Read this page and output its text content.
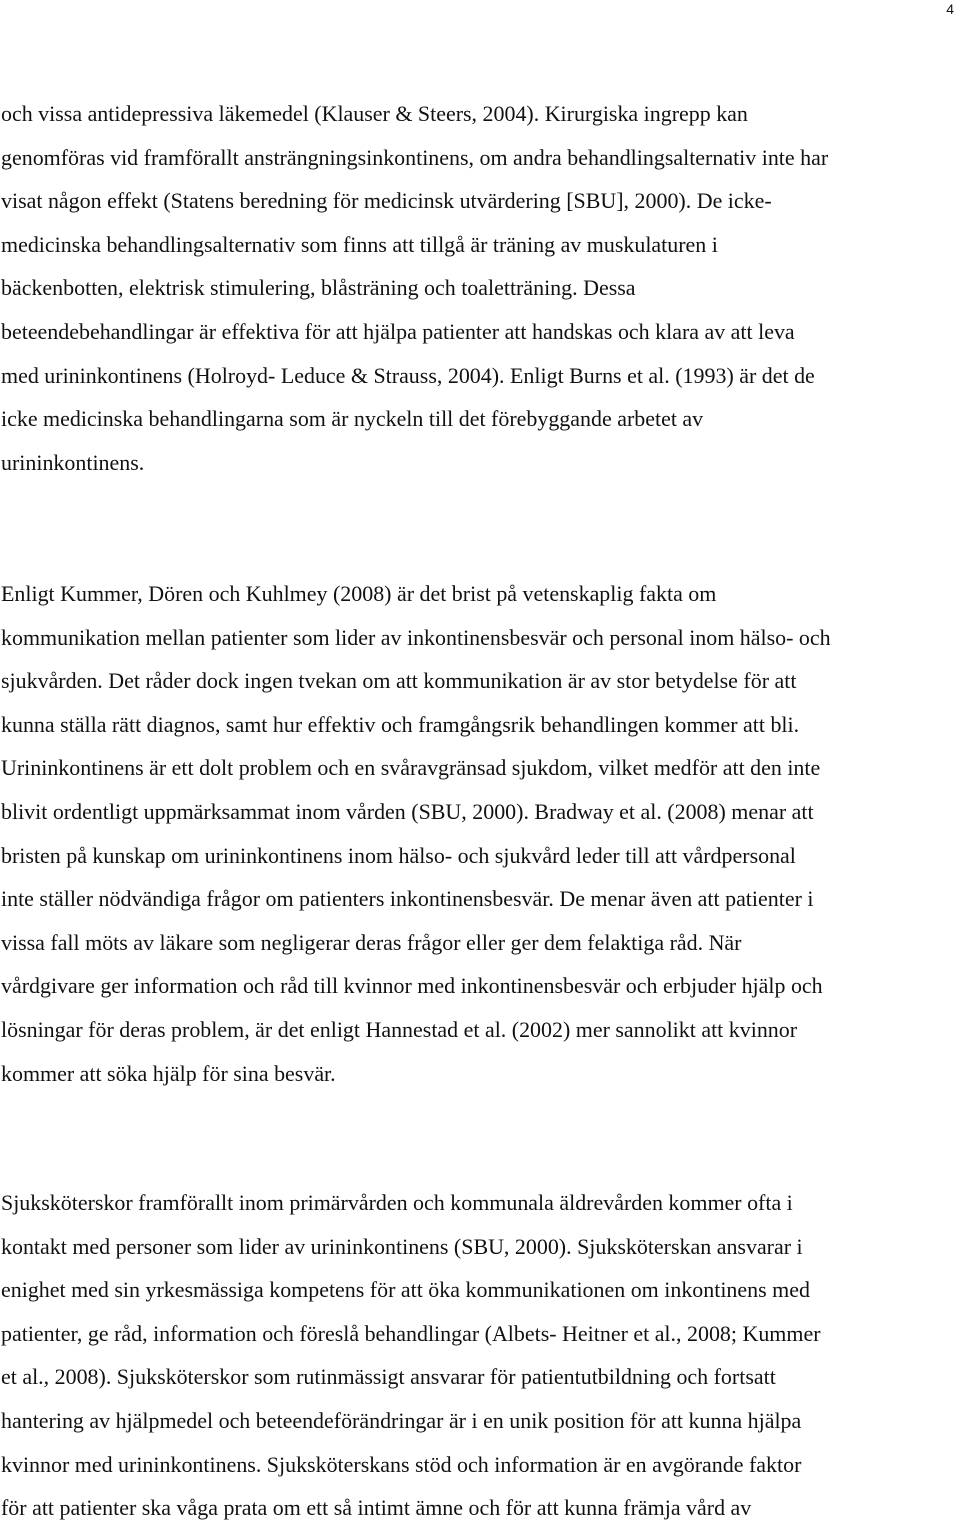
4
och vissa antidepressiva läkemedel (Klauser & Steers, 2004). Kirurgiska ingrepp kan
genomföras vid framförallt ansträngningsinkontinens, om andra behandlingsalternativ inte har
visat någon effekt (Statens beredning för medicinsk utvärdering [SBU], 2000). De icke-
medicinska behandlingsalternativ som finns att tillgå är träning av muskulaturen i
bäckenbotten, elektrisk stimulering, blåsträning och toaletträning. Dessa
beteendebehandlingar är effektiva för att hjälpa patienter att handskas och klara av att leva
med urininkontinens (Holroyd- Leduce & Strauss, 2004). Enligt Burns et al. (1993) är det de
icke medicinska behandlingarna som är nyckeln till det förebyggande arbetet av
urininkontinens.
Enligt Kummer, Dören och Kuhlmey (2008) är det brist på vetenskaplig fakta om
kommunikation mellan patienter som lider av inkontinensbesvär och personal inom hälso- och
sjukvården. Det råder dock ingen tvekan om att kommunikation är av stor betydelse för att
kunna ställa rätt diagnos, samt hur effektiv och framgångsrik behandlingen kommer att bli.
Urininkontinens är ett dolt problem och en svåravgränsad sjukdom, vilket medför att den inte
blivit ordentligt uppmärksammat inom vården (SBU, 2000). Bradway et al. (2008) menar att
bristen på kunskap om urininkontinens inom hälso- och sjukvård leder till att vårdpersonal
inte ställer nödvändiga frågor om patienters inkontinensbesvär. De menar även att patienter i
vissa fall möts av läkare som negligerar deras frågor eller ger dem felaktiga råd. När
vårdgivare ger information och råd till kvinnor med inkontinensbesvär och erbjuder hjälp och
lösningar för deras problem, är det enligt Hannestad et al. (2002) mer sannolikt att kvinnor
kommer att söka hjälp för sina besvär.
Sjuksköterskor framförallt inom primärvården och kommunala äldrevården kommer ofta i
kontakt med personer som lider av urininkontinens (SBU, 2000). Sjuksköterskan ansvarar i
enighet med sin yrkesmässiga kompetens för att öka kommunikationen om inkontinens med
patienter, ge råd, information och föreslå behandlingar (Albets- Heitner et al., 2008; Kummer
et al., 2008). Sjuksköterskor som rutinmässigt ansvarar för patientutbildning och fortsatt
hantering av hjälpmedel och beteendeförändringar är i en unik position för att kunna hjälpa
kvinnor med urininkontinens. Sjuksköterskans stöd och information är en avgörande faktor
för att patienter ska våga prata om ett så intimt ämne och för att kunna främja vård av
